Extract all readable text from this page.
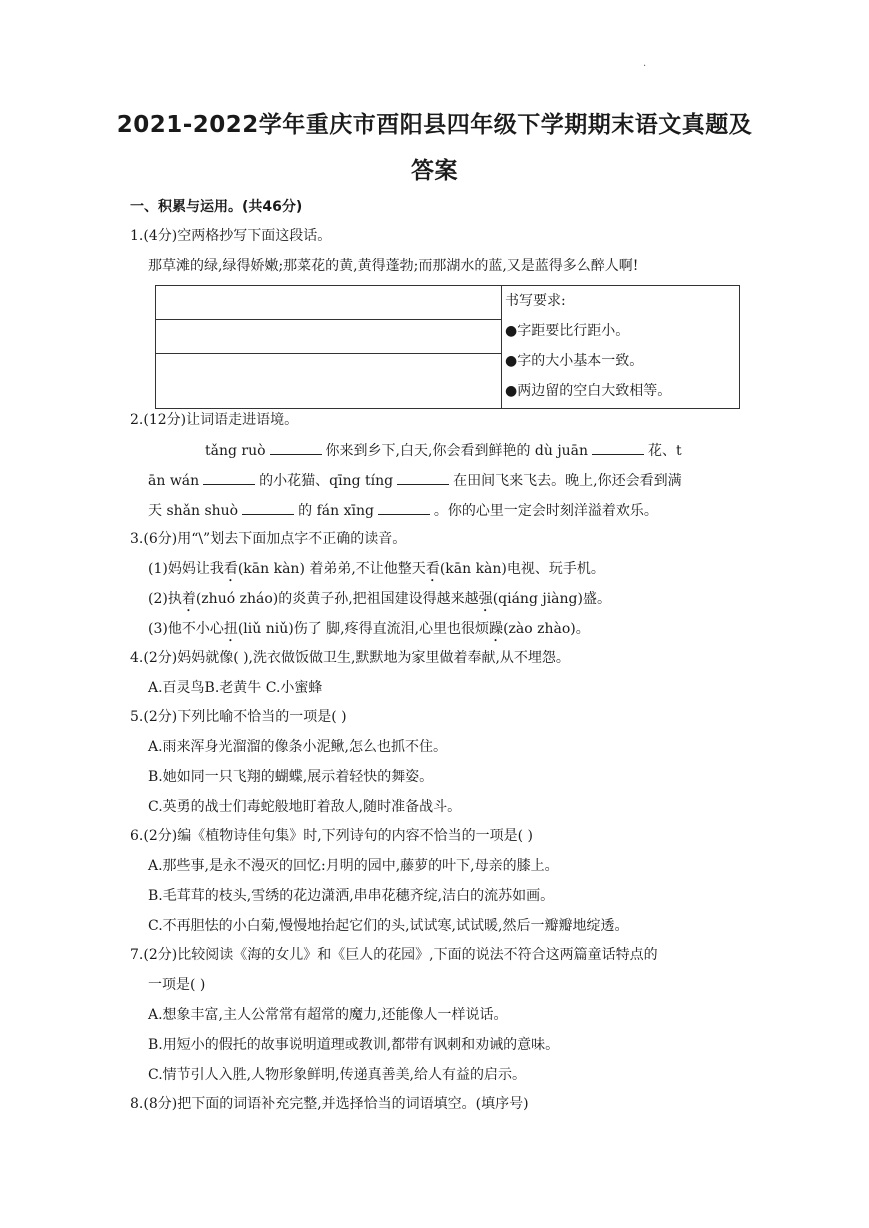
.
2021-2022学年重庆市酉阳县四年级下学期期末语文真题及
答案
一、积累与运用。(共46分)
1.(4分)空两格抄写下面这段话。
那草滩的绿,绿得娇嫩;那菜花的黄,黄得蓬勃;而那湖水的蓝,又是蓝得多么醉人啊!

书写要求:
●字距要比行距小。
●字的大小基本一致。
●两边留的空白大致相等。

2.(12分)让词语走进语境。
tǎng ruò	你来到乡下,白天,你会看到鲜艳的 dù juān	花、t
ān wán	的小花猫、qīng tíng	在田间飞来飞去。晚上,你还会看到满
天 shǎn shuò	的 fán xīng	。你的心里一定会时刻洋溢着欢乐。
3.(6分)用“\”划去下面加点字不正确的读音。
(1)妈妈让我看(kān kàn) 着弟弟,不让他整天看(kān kàn)电视、玩手机。
(2)执着(zhuó zháo)的炎黄子孙,把祖国建设得越来越强(qiáng jiàng)盛。
(3)他不小心扭(liǔ niǔ)伤了 脚,疼得直流泪,心里也很烦躁(zào zhào)。
4.(2分)妈妈就像( ),洗衣做饭做卫生,默默地为家里做着奉献,从不埋怨。
A.百灵鸟B.老黄牛 C.小蜜蜂
5.(2分)下列比喻不恰当的一项是( )
A.雨来浑身光溜溜的像条小泥鳅,怎么也抓不住。
B.她如同一只飞翔的蝴蝶,展示着轻快的舞姿。
C.英勇的战士们毒蛇般地盯着敌人,随时准备战斗。
6.(2分)编《植物诗佳句集》时,下列诗句的内容不恰当的一项是( )
A.那些事,是永不漫灭的回忆:月明的园中,藤萝的叶下,母亲的膝上。
B.毛茸茸的枝头,雪绣的花边潇洒,串串花穗齐绽,洁白的流苏如画。
C.不再胆怯的小白菊,慢慢地抬起它们的头,试试寒,试试暖,然后一瓣瓣地绽透。
7.(2分)比较阅读《海的女儿》和《巨人的花园》,下面的说法不符合这两篇童话特点的
一项是( )
A.想象丰富,主人公常常有超常的魔力,还能像人一样说话。
B.用短小的假托的故事说明道理或教训,都带有讽刺和劝诫的意味。
C.情节引人入胜,人物形象鲜明,传递真善美,给人有益的启示。
8.(8分)把下面的词语补充完整,并选择恰当的词语填空。(填序号)
